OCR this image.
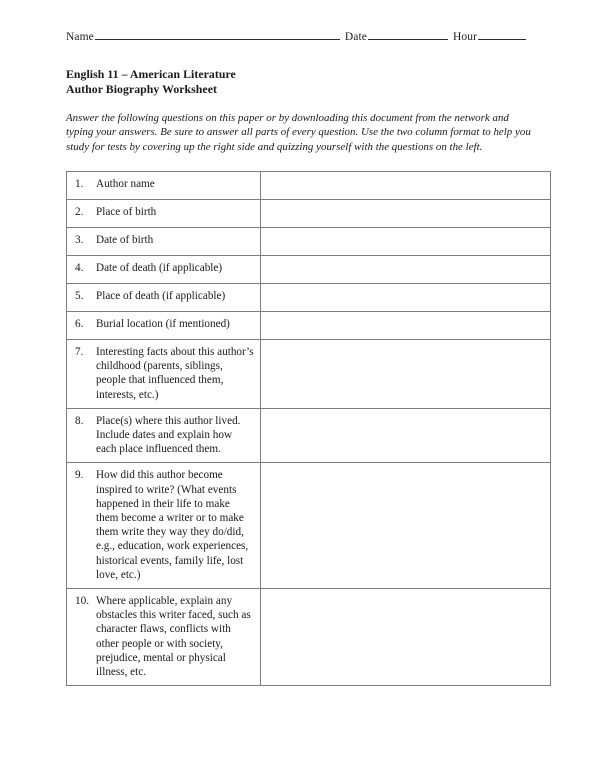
Name	Date	Hour
English 11 – American Literature
Author Biography Worksheet
Answer the following questions on this paper or by downloading this document from the network and typing your answers. Be sure to answer all parts of every question. Use the two column format to help you study for tests by covering up the right side and quizzing yourself with the questions on the left.
1. Author name	

2. Place of birth	

3. Date of birth	

4. Date of death (if applicable)	

5. Place of death (if applicable)	

6. Burial location (if mentioned)	

7. Interesting facts about this author’s childhood (parents, siblings, people that influenced them, interests, etc.)	

8. Place(s) where this author lived. Include dates and explain how each place influenced them.	

9. How did this author become inspired to write? (What events happened in their life to make them become a writer or to make them write they way they do/did, e.g., education, work experiences, historical events, family life, lost love, etc.)	

10. Where applicable, explain any obstacles this writer faced, such as character flaws, conflicts with other people or with society, prejudice, mental or physical illness, etc.	
